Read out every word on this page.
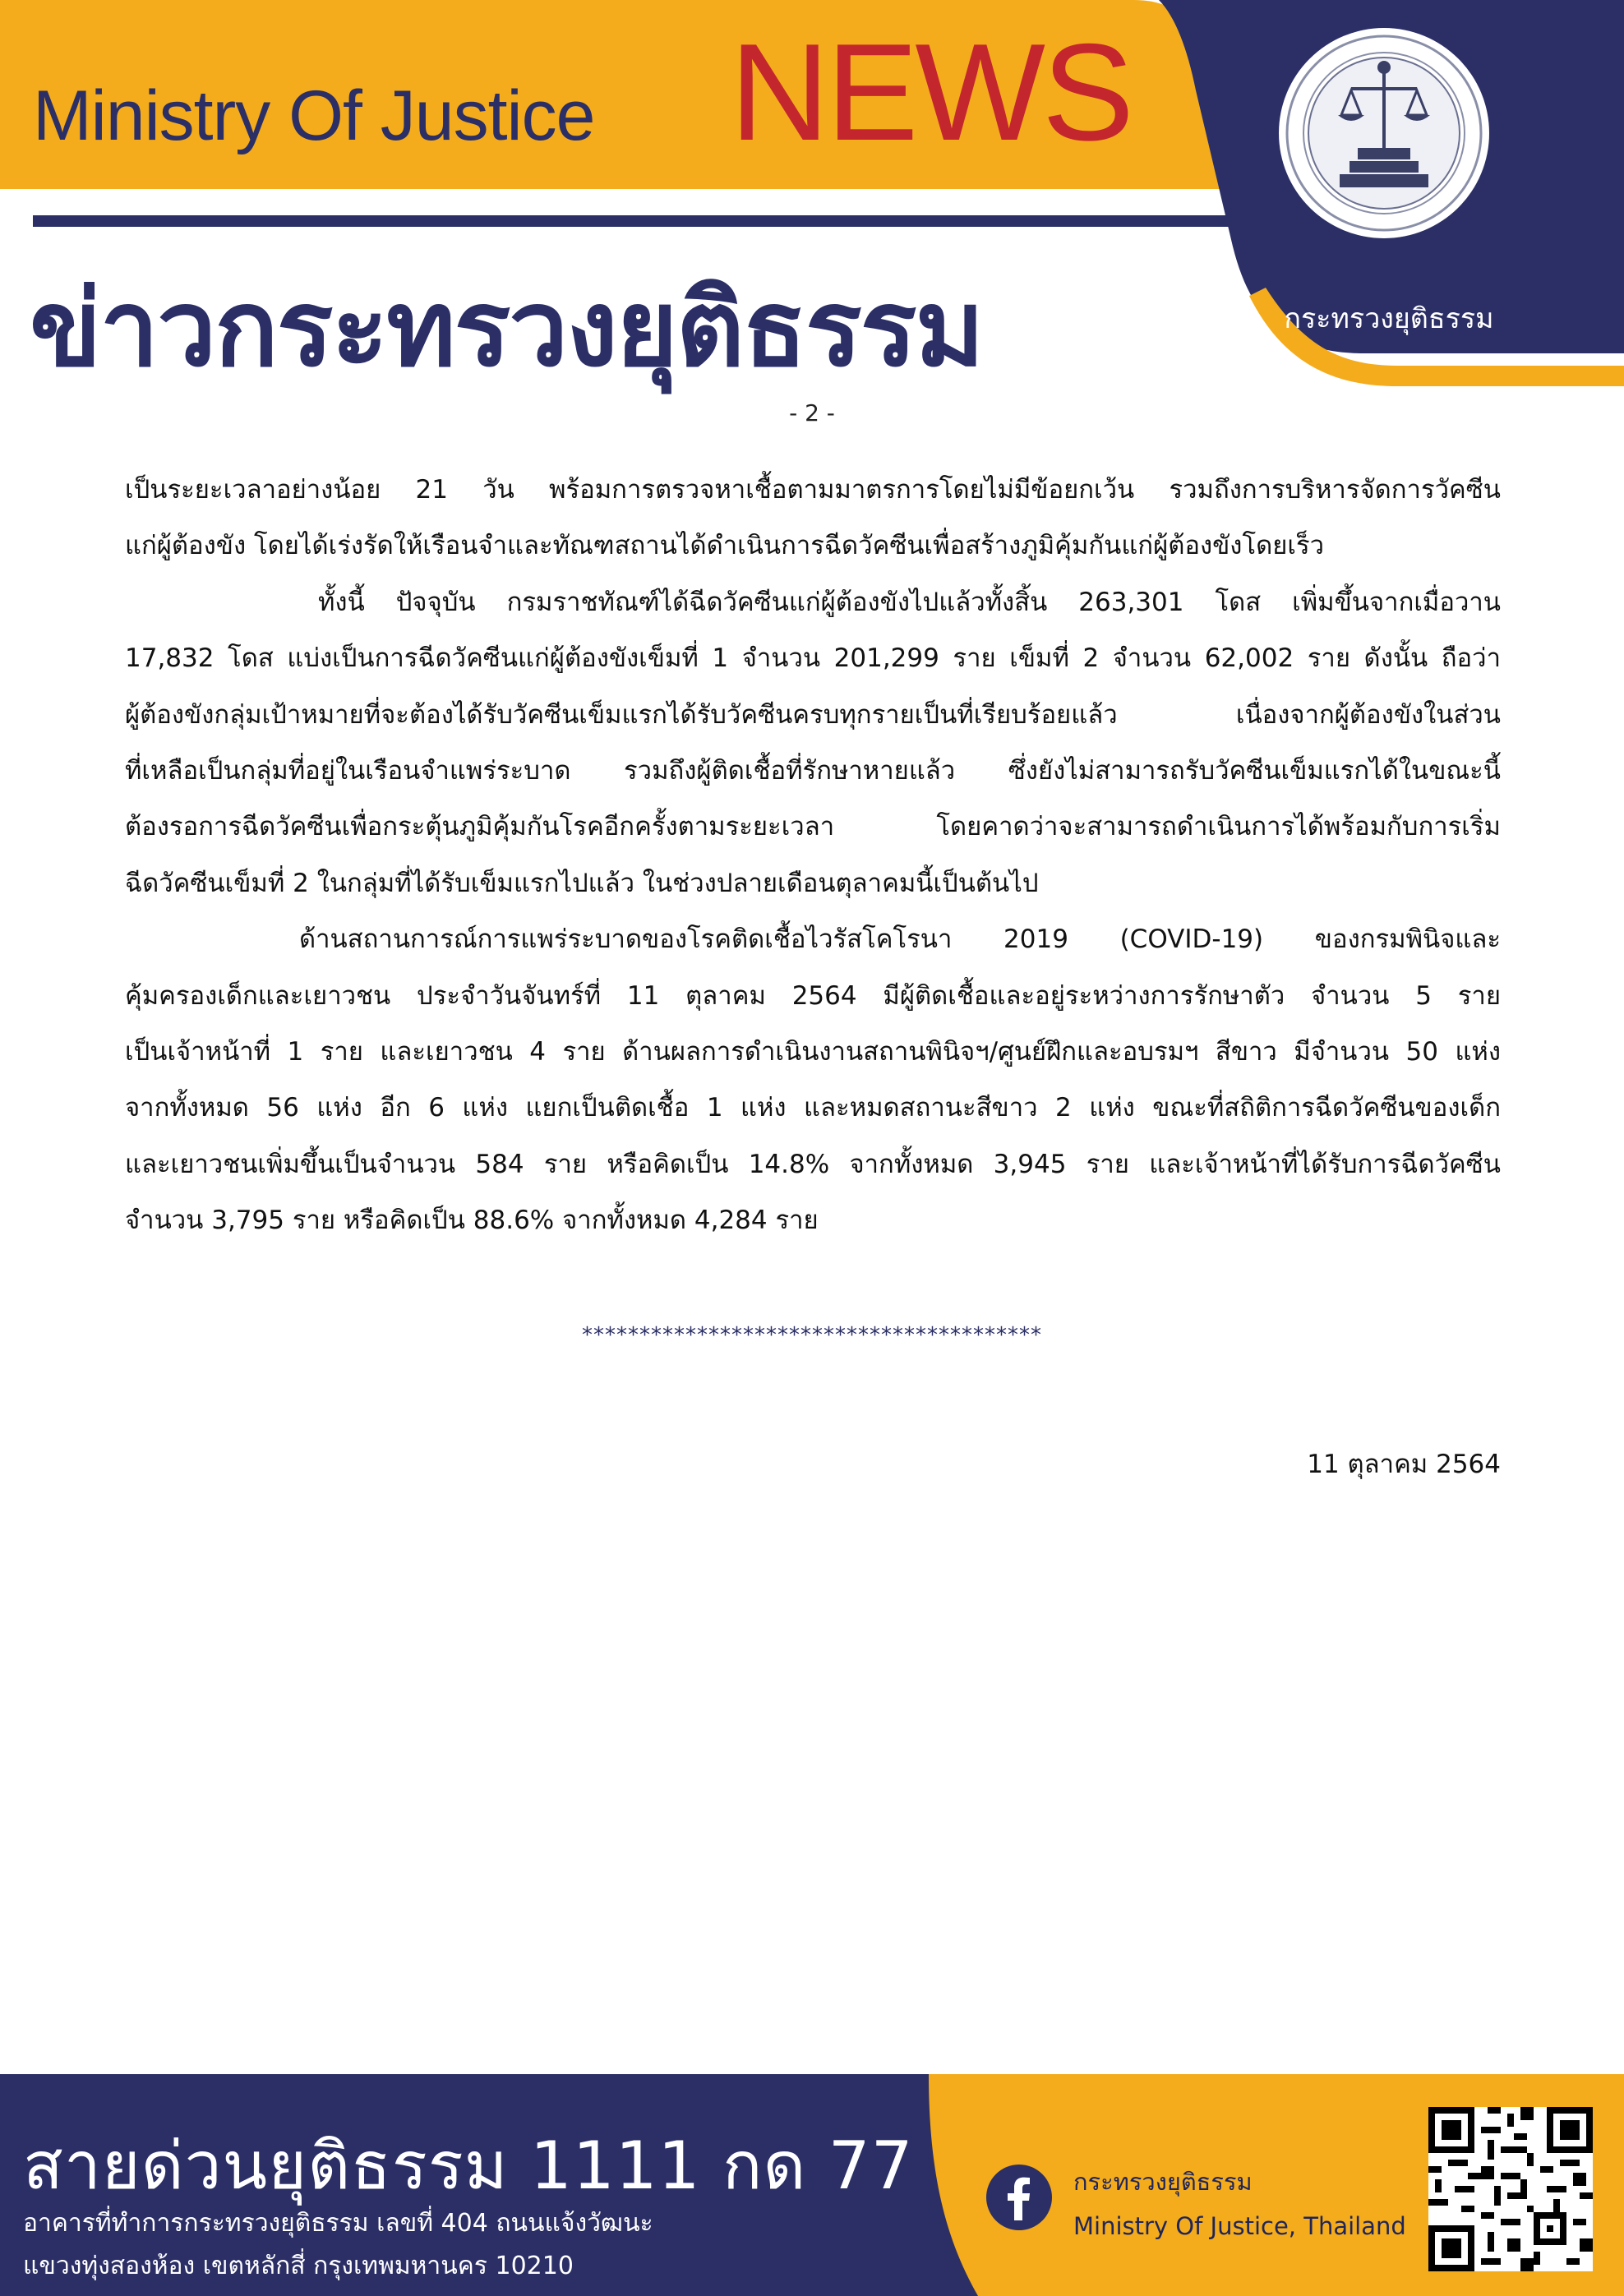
Ministry Of Justice NEWS
ข่าวกระทรวงยุติธรรม	กระทรวงยุติธรรม
- 2 -

เป็นระยะเวลาอย่างน้อย 21 วัน พร้อมการตรวจหาเชื้อตามมาตรการโดยไม่มีข้อยกเว้น รวมถึงการบริหารจัดการวัคซีน
แก่ผู้ต้องขัง โดยได้เร่งรัดให้เรือนจำและทัณฑสถานได้ดำเนินการฉีดวัคซีนเพื่อสร้างภูมิคุ้มกันแก่ผู้ต้องขังโดยเร็ว

ทั้งนี้ ปัจจุบัน กรมราชทัณฑ์ได้ฉีดวัคซีนแก่ผู้ต้องขังไปแล้วทั้งสิ้น 263,301 โดส เพิ่มขึ้นจากเมื่อวาน
17,832 โดส แบ่งเป็นการฉีดวัคซีนแก่ผู้ต้องขังเข็มที่ 1 จำนวน 201,299 ราย เข็มที่ 2 จำนวน 62,002 ราย ดังนั้น ถือว่า
ผู้ต้องขังกลุ่มเป้าหมายที่จะต้องได้รับวัคซีนเข็มแรกได้รับวัคซีนครบทุกรายเป็นที่เรียบร้อยแล้ว เนื่องจากผู้ต้องขังในส่วน
ที่เหลือเป็นกลุ่มที่อยู่ในเรือนจำแพร่ระบาด รวมถึงผู้ติดเชื้อที่รักษาหายแล้ว ซึ่งยังไม่สามารถรับวัคซีนเข็มแรกได้ในขณะนี้
ต้องรอการฉีดวัคซีนเพื่อกระตุ้นภูมิคุ้มกันโรคอีกครั้งตามระยะเวลา โดยคาดว่าจะสามารถดำเนินการได้พร้อมกับการเริ่ม
ฉีดวัคซีนเข็มที่ 2 ในกลุ่มที่ได้รับเข็มแรกไปแล้ว ในช่วงปลายเดือนตุลาคมนี้เป็นต้นไป

ด้านสถานการณ์การแพร่ระบาดของโรคติดเชื้อไวรัสโคโรนา 2019 (COVID-19) ของกรมพินิจและ
คุ้มครองเด็กและเยาวชน ประจำวันจันทร์ที่ 11 ตุลาคม 2564 มีผู้ติดเชื้อและอยู่ระหว่างการรักษาตัว จำนวน 5 ราย
เป็นเจ้าหน้าที่ 1 ราย และเยาวชน 4 ราย ด้านผลการดำเนินงานสถานพินิจฯ/ศูนย์ฝึกและอบรมฯ สีขาว มีจำนวน 50 แห่ง
จากทั้งหมด 56 แห่ง อีก 6 แห่ง แยกเป็นติดเชื้อ 1 แห่ง และหมดสถานะสีขาว 2 แห่ง ขณะที่สถิติการฉีดวัคซีนของเด็ก
และเยาวชนเพิ่มขึ้นเป็นจำนวน 584 ราย หรือคิดเป็น 14.8% จากทั้งหมด 3,945 ราย และเจ้าหน้าที่ได้รับการฉีดวัคซีน
จำนวน 3,795 ราย หรือคิดเป็น 88.6% จากทั้งหมด 4,284 ราย

****************************************
11 ตุลาคม 2564
สายด่วนยุติธรรม 1111 กด 77
อาคารที่ทำการกระทรวงยุติธรรม เลขที่ 404 ถนนแจ้งวัฒนะ
แขวงทุ่งสองห้อง เขตหลักสี่ กรุงเทพมหานคร 10210
กระทรวงยุติธรรม
Ministry Of Justice, Thailand
